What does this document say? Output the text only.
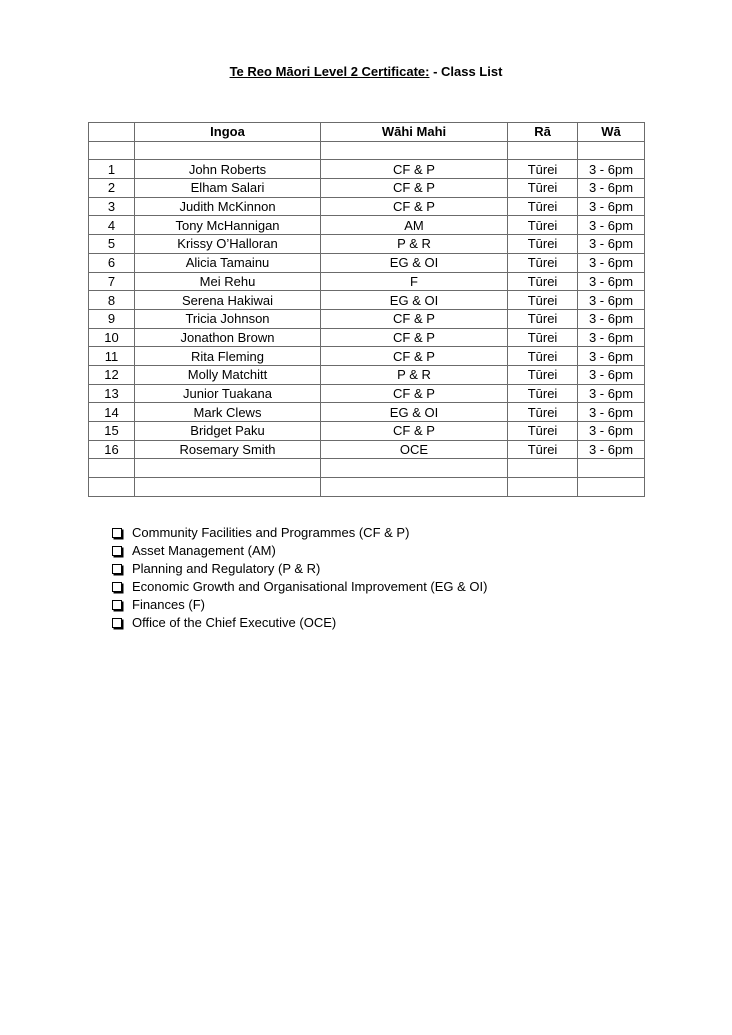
Te Reo Māori Level 2 Certificate: - Class List
	Ingoa	Wāhi Mahi	Rā	Wā

1	John Roberts	CF & P	Tūrei	3 - 6pm
2	Elham Salari	CF & P	Tūrei	3 - 6pm
3	Judith McKinnon	CF & P	Tūrei	3 - 6pm
4	Tony McHannigan	AM	Tūrei	3 - 6pm
5	Krissy O’Halloran	P & R	Tūrei	3 - 6pm
6	Alicia Tamainu	EG & OI	Tūrei	3 - 6pm
7	Mei Rehu	F	Tūrei	3 - 6pm
8	Serena Hakiwai	EG & OI	Tūrei	3 - 6pm
9	Tricia Johnson	CF & P	Tūrei	3 - 6pm
10	Jonathon Brown	CF & P	Tūrei	3 - 6pm
11	Rita Fleming	CF & P	Tūrei	3 - 6pm
12	Molly Matchitt	P & R	Tūrei	3 - 6pm
13	Junior Tuakana	CF & P	Tūrei	3 - 6pm
14	Mark Clews	EG & OI	Tūrei	3 - 6pm
15	Bridget Paku	CF & P	Tūrei	3 - 6pm
16	Rosemary Smith	OCE	Tūrei	3 - 6pm

Community Facilities and Programmes (CF & P)
Asset Management (AM)
Planning and Regulatory (P & R)
Economic Growth and Organisational Improvement (EG & OI)
Finances (F)
Office of the Chief Executive (OCE)
